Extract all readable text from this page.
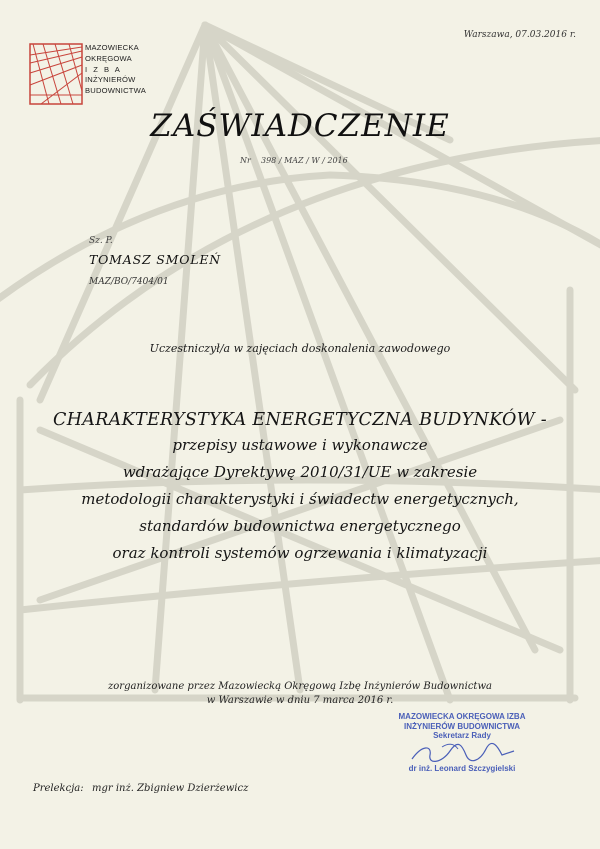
Warszawa, 07.03.2016 r.
MAZOWIECKA
OKRĘGOWA
I Z B A
INŻYNIERÓW
BUDOWNICTWA
ZAŚWIADCZENIE
Nr 398 / MAZ / W / 2016
Sz. P.
TOMASZ SMOLEŃ
MAZ/BO/7404/01
Uczestniczył/a w zajęciach doskonalenia zawodowego
CHARAKTERYSTYKA ENERGETYCZNA BUDYNKÓW -
przepisy ustawowe i wykonawcze
wdrażające Dyrektywę 2010/31/UE w zakresie
metodologii charakterystyki i świadectw energetycznych,
standardów budownictwa energetycznego
oraz kontroli systemów ogrzewania i klimatyzacji
zorganizowane przez Mazowiecką Okręgową Izbę Inżynierów Budownictwa
w Warszawie w dniu 7 marca 2016 r.
MAZOWIECKA OKRĘGOWA IZBA
INŻYNIERÓW BUDOWNICTWA
Sekretarz Rady
dr inż. Leonard Szczygielski
Prelekcja: mgr inż. Zbigniew Dzierżewicz
